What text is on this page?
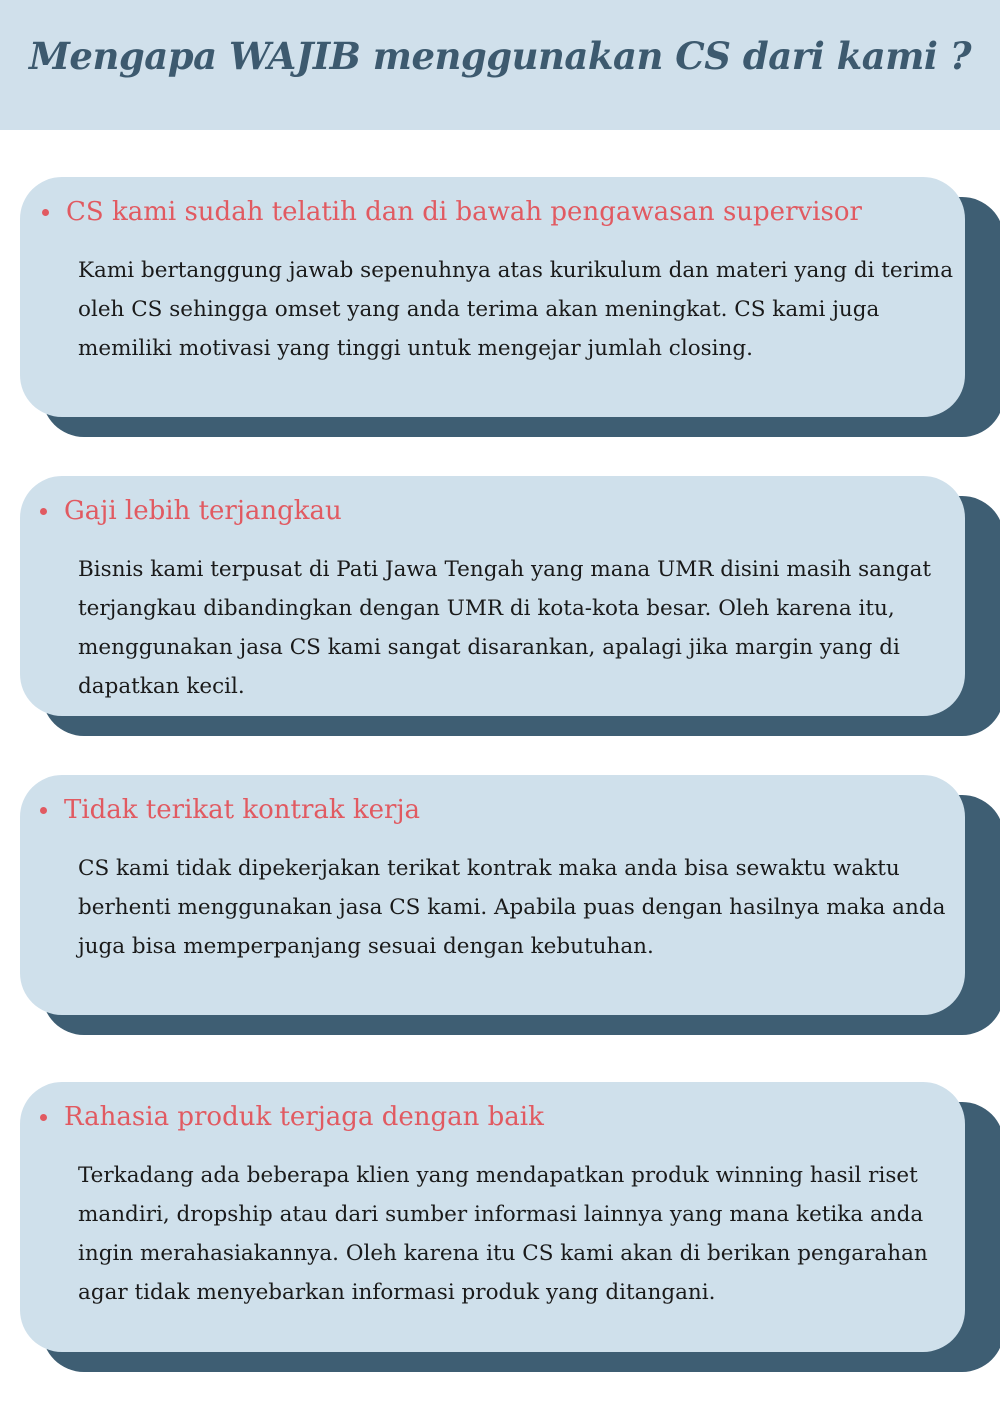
Mengapa WAJIB menggunakan CS dari kami ?
CS kami sudah telatih dan di bawah pengawasan supervisor

Kami bertanggung jawab sepenuhnya atas kurikulum dan materi yang di terima oleh CS sehingga omset yang anda terima akan meningkat. CS kami juga memiliki motivasi yang tinggi untuk mengejar jumlah closing.

Gaji lebih terjangkau

Bisnis kami terpusat di Pati Jawa Tengah yang mana UMR disini masih sangat terjangkau dibandingkan dengan UMR di kota-kota besar. Oleh karena itu, menggunakan jasa CS kami sangat disarankan, apalagi jika margin yang di dapatkan kecil.

Tidak terikat kontrak kerja

CS kami tidak dipekerjakan terikat kontrak maka anda bisa sewaktu waktu berhenti menggunakan jasa CS kami. Apabila puas dengan hasilnya maka anda juga bisa memperpanjang sesuai dengan kebutuhan.

Rahasia produk terjaga dengan baik

Terkadang ada beberapa klien yang mendapatkan produk winning hasil riset mandiri, dropship atau dari sumber informasi lainnya yang mana ketika anda ingin merahasiakannya. Oleh karena itu CS kami akan di berikan pengarahan agar tidak menyebarkan informasi produk yang ditangani.
